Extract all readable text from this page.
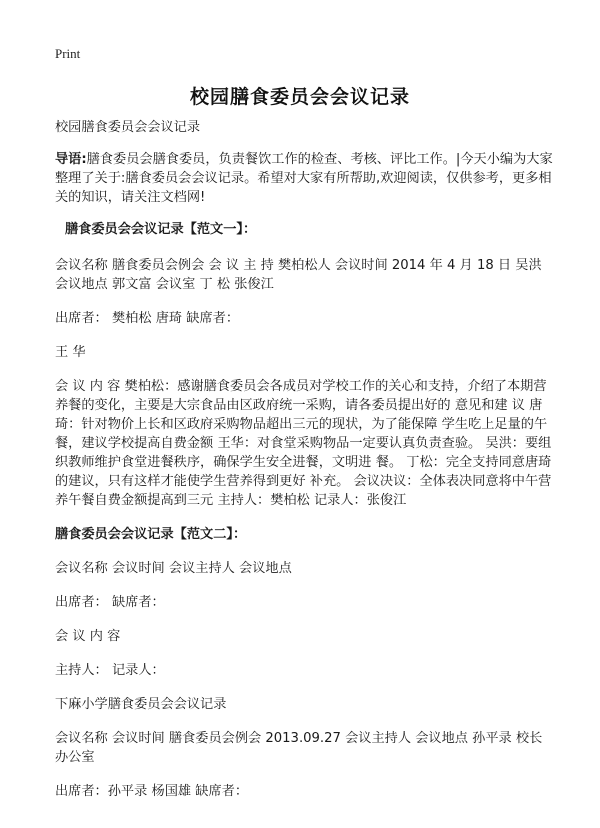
Print
校园膳食委员会会议记录

校园膳食委员会会议记录

导语:膳食委员会膳食委员，负责餐饮工作的检查、考核、评比工作。|今天小编为大家整理了关于:膳食委员会会议记录。希望对大家有所帮助,欢迎阅读，仅供参考，更多相关的知识，请关注文档网!

膳食委员会会议记录【范文一】：

会议名称 膳食委员会例会 会 议 主 持 樊柏松人 会议时间 2014 年 4 月 18 日 吴洪 会议地点 郭文富 会议室 丁 松 张俊江

出席者： 樊柏松 唐琦 缺席者：

王 华

会 议 内 容 樊柏松：感谢膳食委员会各成员对学校工作的关心和支持，介绍了本期营养餐的变化，主要是大宗食品由区政府统一采购，请各委员提出好的 意见和建 议 唐琦：针对物价上长和区政府采购物品超出三元的现状，为了能保障 学生吃上足量的午餐，建议学校提高自费金额 王华：对食堂采购物品一定要认真负责查验。 吴洪：要组织教师维护食堂进餐秩序，确保学生安全进餐，文明进 餐。 丁松：完全支持同意唐琦的建议，只有这样才能使学生营养得到更好 补充。 会议决议：全体表决同意将中午营养午餐自费金额提高到三元 主持人：樊柏松 记录人：张俊江

膳食委员会会议记录【范文二】：

会议名称 会议时间 会议主持人 会议地点

出席者： 缺席者：

会 议 内 容

主持人： 记录人：

下麻小学膳食委员会会议记录

会议名称 会议时间 膳食委员会例会 2013.09.27 会议主持人 会议地点 孙平录 校长办公室

出席者：孙平录 杨国雄 缺席者：
